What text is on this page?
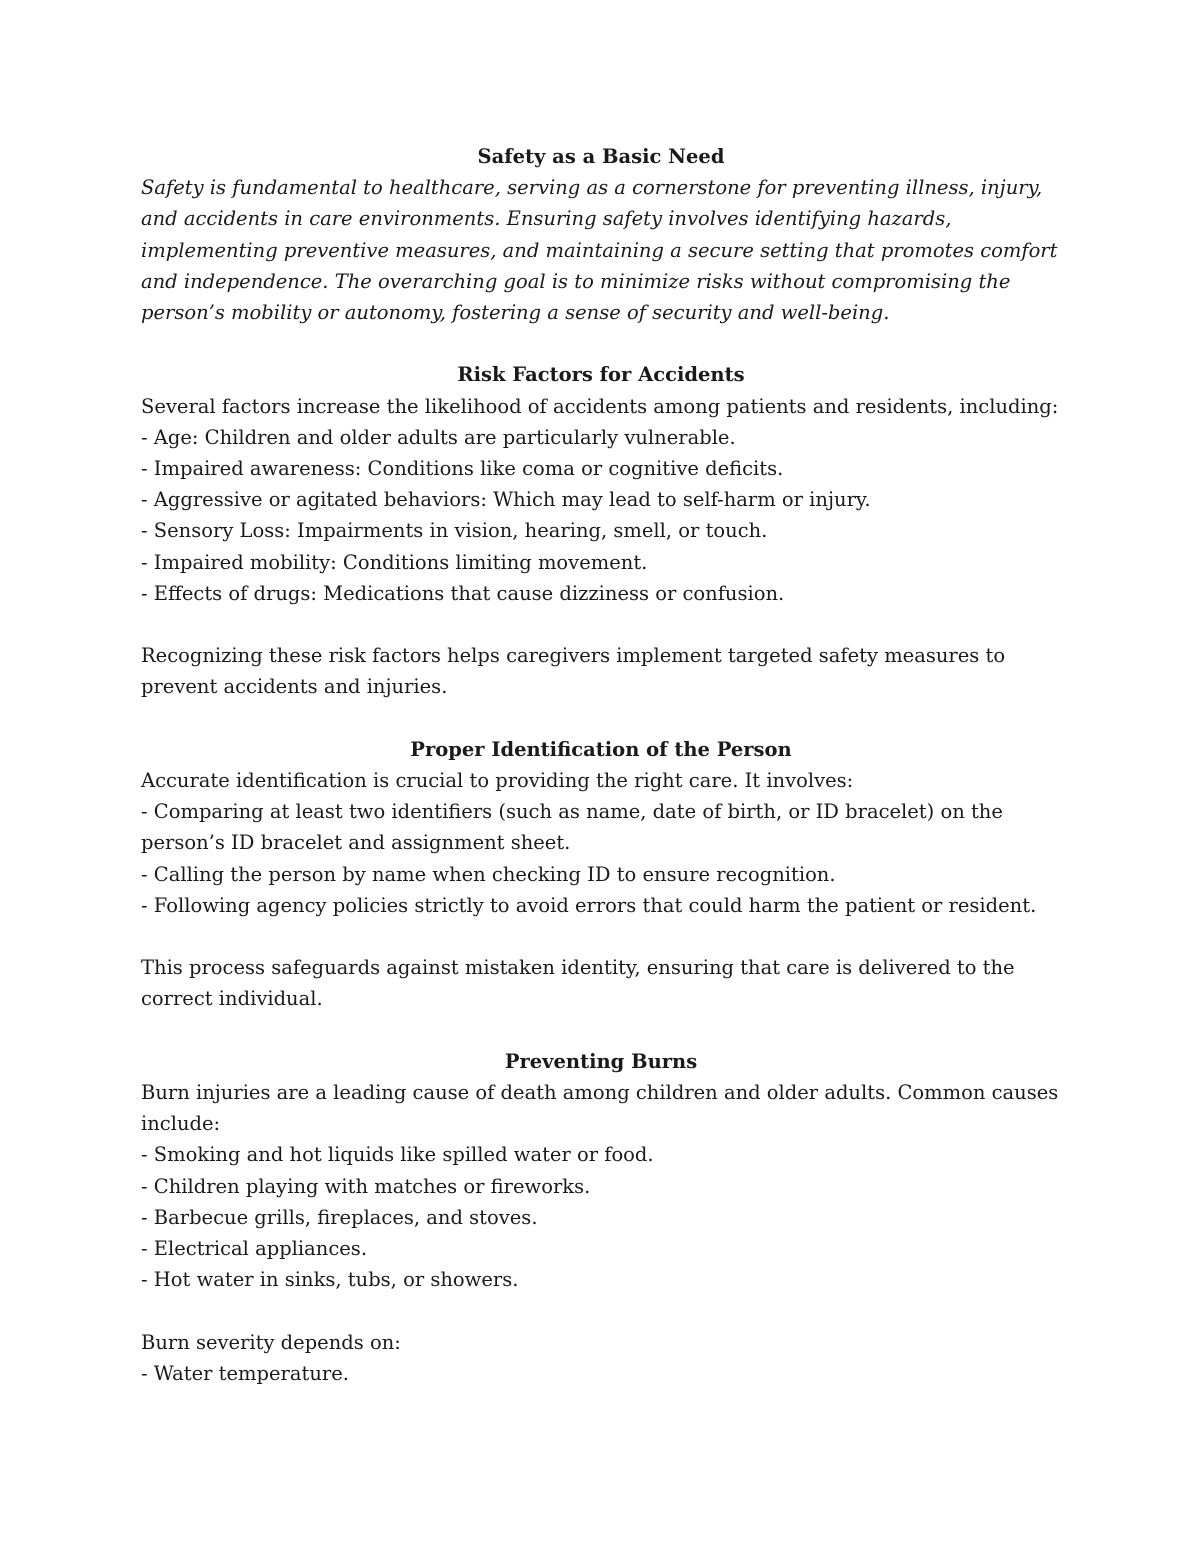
Safety as a Basic Need

Safety is fundamental to healthcare, serving as a cornerstone for preventing illness, injury, and accidents in care environments. Ensuring safety involves identifying hazards, implementing preventive measures, and maintaining a secure setting that promotes comfort and independence. The overarching goal is to minimize risks without compromising the person’s mobility or autonomy, fostering a sense of security and well-being.

Risk Factors for Accidents

Several factors increase the likelihood of accidents among patients and residents, including:

- Age: Children and older adults are particularly vulnerable.
- Impaired awareness: Conditions like coma or cognitive deficits.
- Aggressive or agitated behaviors: Which may lead to self-harm or injury.
- Sensory Loss: Impairments in vision, hearing, smell, or touch.
- Impaired mobility: Conditions limiting movement.
- Effects of drugs: Medications that cause dizziness or confusion.

Recognizing these risk factors helps caregivers implement targeted safety measures to prevent accidents and injuries.

Proper Identification of the Person

Accurate identification is crucial to providing the right care. It involves:

- Comparing at least two identifiers (such as name, date of birth, or ID bracelet) on the person’s ID bracelet and assignment sheet.
- Calling the person by name when checking ID to ensure recognition.
- Following agency policies strictly to avoid errors that could harm the patient or resident.

This process safeguards against mistaken identity, ensuring that care is delivered to the correct individual.

Preventing Burns

Burn injuries are a leading cause of death among children and older adults. Common causes include:

- Smoking and hot liquids like spilled water or food.
- Children playing with matches or fireworks.
- Barbecue grills, fireplaces, and stoves.
- Electrical appliances.
- Hot water in sinks, tubs, or showers.

Burn severity depends on:

- Water temperature.
